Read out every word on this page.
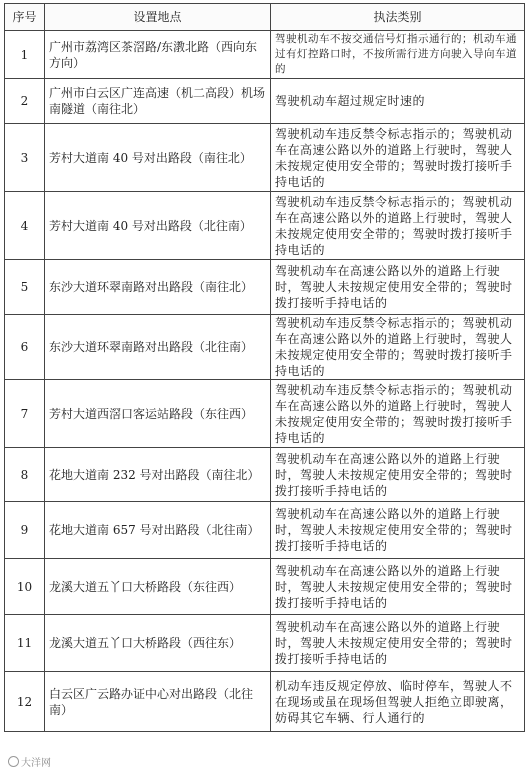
序号	设置地点	执法类别
1	广州市荔湾区茶滘路/东漖北路（西向东方向）	驾驶机动车不按交通信号灯指示通行的；机动车通过有灯控路口时，不按所需行进方向驶入导向车道的
2	广州市白云区广连高速（机二高段）机场南隧道（南往北）	驾驶机动车超过规定时速的
3	芳村大道南 40 号对出路段（南往北）	驾驶机动车违反禁令标志指示的；驾驶机动车在高速公路以外的道路上行驶时，驾驶人未按规定使用安全带的；驾驶时拨打接听手持电话的
4	芳村大道南 40 号对出路段（北往南）	驾驶机动车违反禁令标志指示的；驾驶机动车在高速公路以外的道路上行驶时，驾驶人未按规定使用安全带的；驾驶时拨打接听手持电话的
5	东沙大道环翠南路对出路段（南往北）	驾驶机动车在高速公路以外的道路上行驶时，驾驶人未按规定使用安全带的；驾驶时拨打接听手持电话的
6	东沙大道环翠南路对出路段（北往南）	驾驶机动车违反禁令标志指示的；驾驶机动车在高速公路以外的道路上行驶时，驾驶人未按规定使用安全带的；驾驶时拨打接听手持电话的
7	芳村大道西滘口客运站路段（东往西）	驾驶机动车违反禁令标志指示的；驾驶机动车在高速公路以外的道路上行驶时，驾驶人未按规定使用安全带的；驾驶时拨打接听手持电话的
8	花地大道南 232 号对出路段（南往北）	驾驶机动车在高速公路以外的道路上行驶时，驾驶人未按规定使用安全带的；驾驶时拨打接听手持电话的
9	花地大道南 657 号对出路段（北往南）	驾驶机动车在高速公路以外的道路上行驶时，驾驶人未按规定使用安全带的；驾驶时拨打接听手持电话的
10	龙溪大道五丫口大桥路段（东往西）	驾驶机动车在高速公路以外的道路上行驶时，驾驶人未按规定使用安全带的；驾驶时拨打接听手持电话的
11	龙溪大道五丫口大桥路段（西往东）	驾驶机动车在高速公路以外的道路上行驶时，驾驶人未按规定使用安全带的；驾驶时拨打接听手持电话的
12	白云区广云路办证中心对出路段（北往南）	机动车违反规定停放、临时停车，驾驶人不在现场或虽在现场但驾驶人拒绝立即驶离，妨碍其它车辆、行人通行的
大洋网
